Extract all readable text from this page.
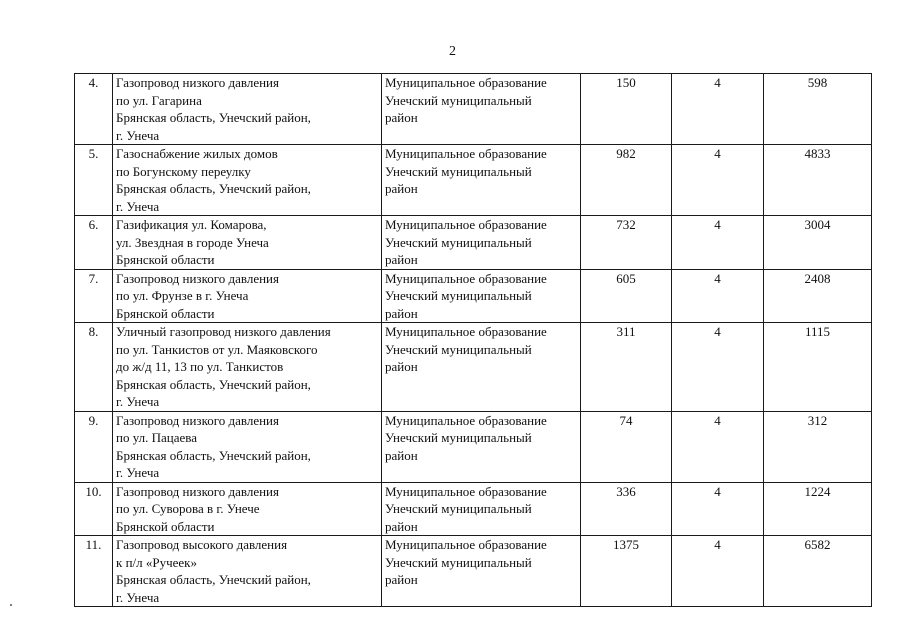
2
4.	Газопровод низкого давления
по ул. Гагарина
Брянская область, Унечский район,
г. Унеча	Муниципальное образование
Унечский муниципальный
район	150	4	598
5.	Газоснабжение жилых домов
по Богунскому переулку
Брянская область, Унечский район,
г. Унеча	Муниципальное образование
Унечский муниципальный
район	982	4	4833
6.	Газификация ул. Комарова,
ул. Звездная в городе Унеча
Брянской области	Муниципальное образование
Унечский муниципальный
район	732	4	3004
7.	Газопровод низкого давления
по ул. Фрунзе в г. Унеча
Брянской области	Муниципальное образование
Унечский муниципальный
район	605	4	2408
8.	Уличный газопровод низкого давления
по ул. Танкистов от ул. Маяковского
до ж/д 11, 13 по ул. Танкистов
Брянская область, Унечский район,
г. Унеча	Муниципальное образование
Унечский муниципальный
район	311	4	1115
9.	Газопровод низкого давления
по ул. Пацаева
Брянская область, Унечский район,
г. Унеча	Муниципальное образование
Унечский муниципальный
район	74	4	312
10.	Газопровод низкого давления
по ул. Суворова в г. Унече
Брянской области	Муниципальное образование
Унечский муниципальный
район	336	4	1224
11.	Газопровод высокого давления
к п/л «Ручеек»
Брянская область, Унечский район,
г. Унеча	Муниципальное образование
Унечский муниципальный
район	1375	4	6582
